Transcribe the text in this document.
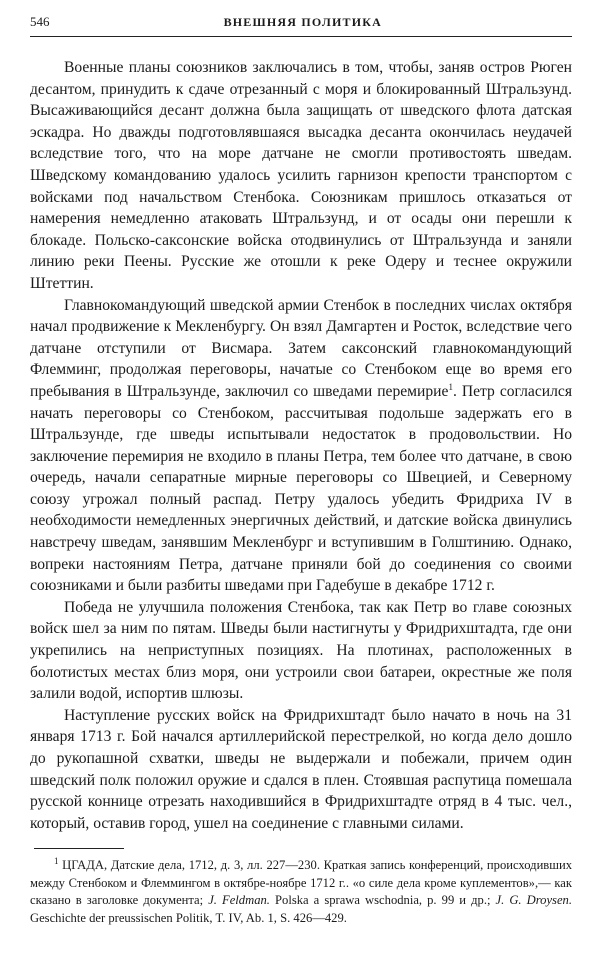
546	ВНЕШНЯЯ ПОЛИТИКА

Военные планы союзников заключались в том, чтобы, заняв остров Рюген десантом, принудить к сдаче отрезанный с моря и блокированный Штральзунд. Высаживающийся десант должна была защищать от шведского флота датская эскадра. Но дважды подготовлявшаяся высадка десанта окончилась неудачей вследствие того, что на море датчане не смогли противостоять шведам. Шведскому командованию удалось усилить гарнизон крепости транспортом с войсками под начальством Стенбока. Союзникам пришлось отказаться от намерения немедленно атаковать Штральзунд, и от осады они перешли к блокаде. Польско-саксонские войска отодвинулись от Штральзунда и заняли линию реки Пеены. Русские же отошли к реке Одеру и теснее окружили Штеттин.

Главнокомандующий шведской армии Стенбок в последних числах октября начал продвижение к Мекленбургу. Он взял Дамгартен и Росток, вследствие чего датчане отступили от Висмара. Затем саксонский главнокомандующий Флемминг, продолжая переговоры, начатые со Стенбоком еще во время его пребывания в Штральзунде, заключил со шведами перемирие$^1$. Петр согласился начать переговоры со Стенбоком, рассчитывая подольше задержать его в Штральзунде, где шведы испытывали недостаток в продовольствии. Но заключение перемирия не входило в планы Петра, тем более что датчане, в свою очередь, начали сепаратные мирные переговоры со Швецией, и Северному союзу угрожал полный распад. Петру удалось убедить Фридриха IV в необходимости немедленных энергичных действий, и датские войска двинулись навстречу шведам, занявшим Мекленбург и вступившим в Голштинию. Однако, вопреки настояниям Петра, датчане приняли бой до соединения со своими союзниками и были разбиты шведами при Гадебуше в декабре 1712 г.

Победа не улучшила положения Стенбока, так как Петр во главе союзных войск шел за ним по пятам. Шведы были настигнуты у Фридрихштадта, где они укрепились на неприступных позициях. На плотинах, расположенных в болотистых местах близ моря, они устроили свои батареи, окрестные же поля залили водой, испортив шлюзы.

Наступление русских войск на Фридрихштадт было начато в ночь на 31 января 1713 г. Бой начался артиллерийской перестрелкой, но когда дело дошло до рукопашной схватки, шведы не выдержали и побежали, причем один шведский полк положил оружие и сдался в плен. Стоявшая распутица помешала русской коннице отрезать находившийся в Фридрихштадте отряд в 4 тыс. чел., который, оставив город, ушел на соединение с главными силами.

$^1$ ЦГАДА, Датские дела, 1712, д. 3, лл. 227—230. Краткая запись конференций, происходивших между Стенбоком и Флеммингом в октябре-ноябре 1712 г.. «о силе дела кроме куплементов»,— как сказано в заголовке документа; J. Feldman. Polska a sprawa wschodnia, p. 99 и др.; J. G. Droysen. Geschichte der preussischen Politik, T. IV, Ab. 1, S. 426—429.
